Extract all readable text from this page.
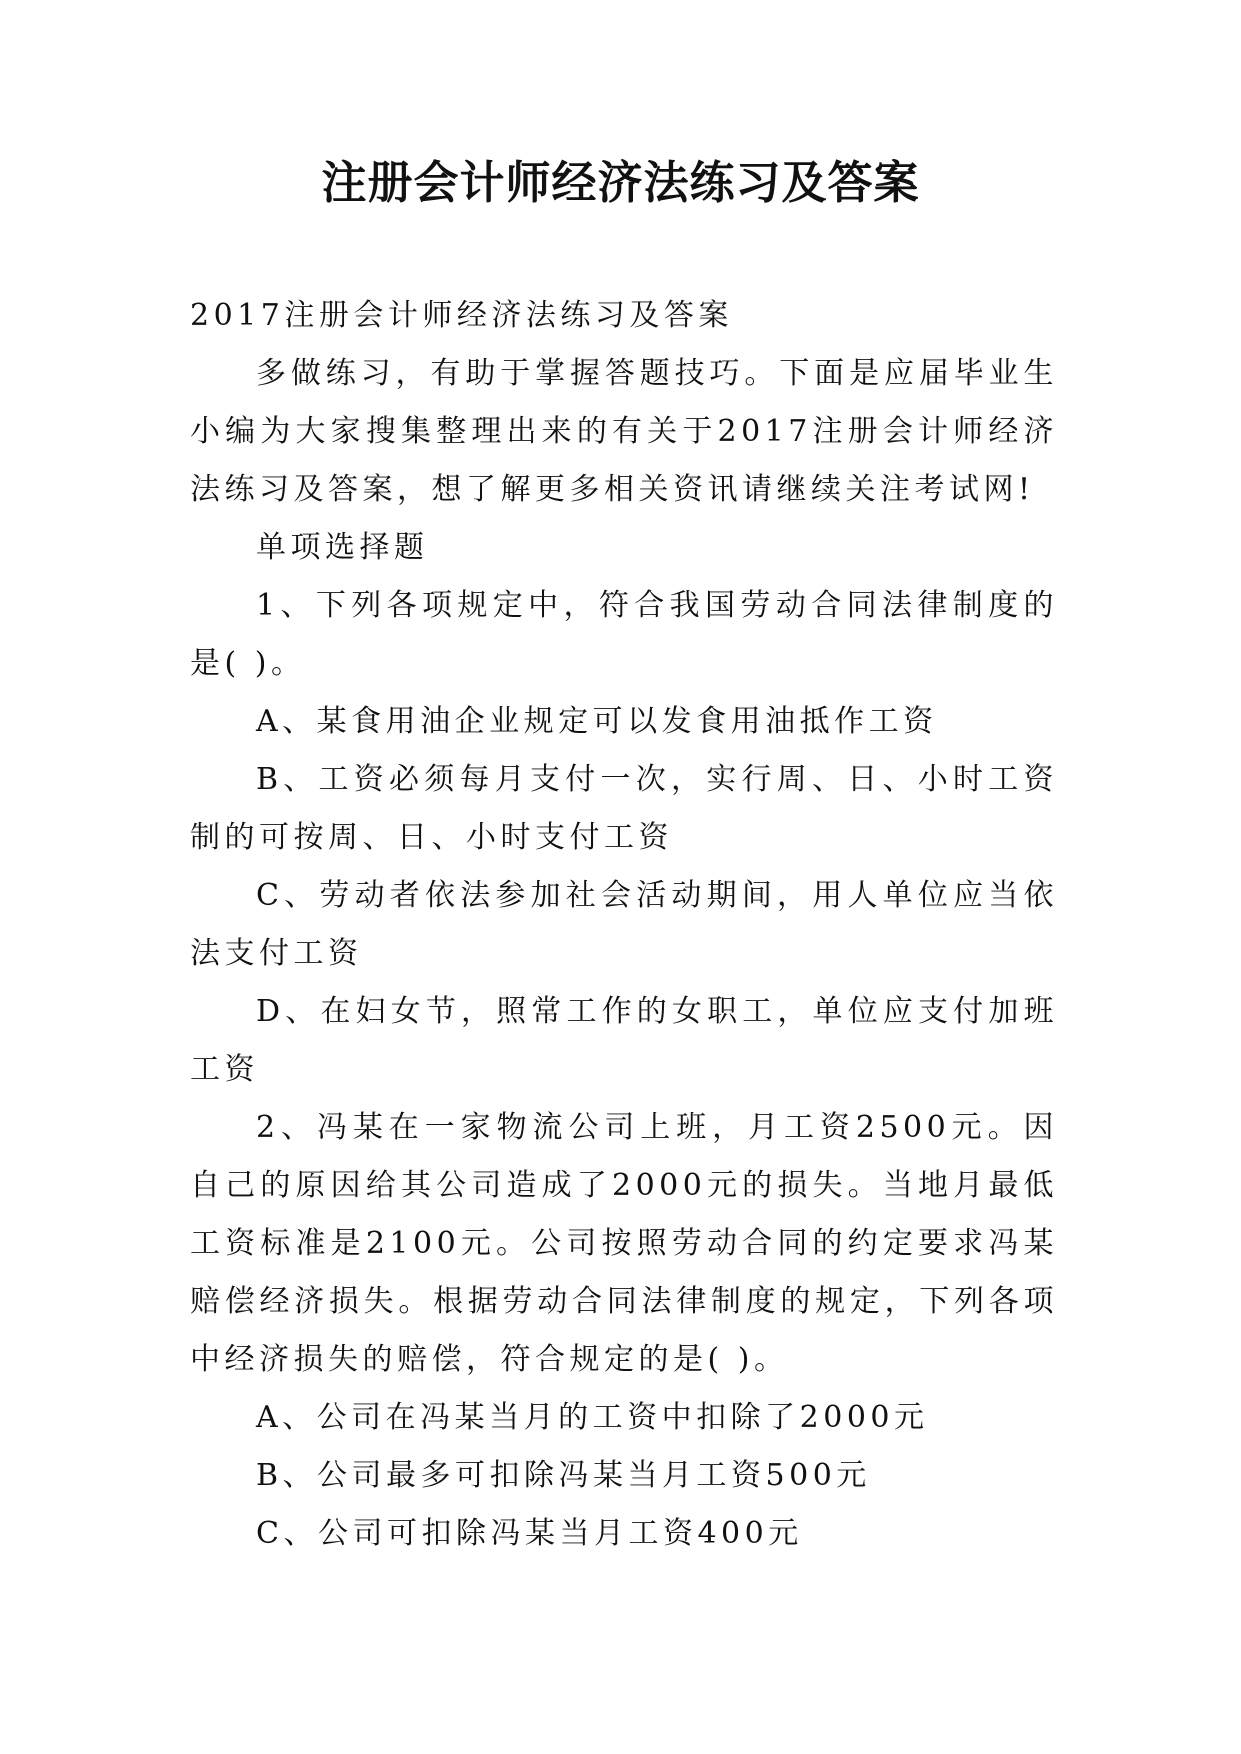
注册会计师经济法练习及答案

2017注册会计师经济法练习及答案

多做练习，有助于掌握答题技巧。下面是应届毕业生小编为大家搜集整理出来的有关于2017注册会计师经济法练习及答案，想了解更多相关资讯请继续关注考试网!

单项选择题

1、下列各项规定中，符合我国劳动合同法律制度的是( )。

A、某食用油企业规定可以发食用油抵作工资

B、工资必须每月支付一次，实行周、日、小时工资制的可按周、日、小时支付工资

C、劳动者依法参加社会活动期间，用人单位应当依法支付工资

D、在妇女节，照常工作的女职工，单位应支付加班工资

2、冯某在一家物流公司上班，月工资2500元。因自己的原因给其公司造成了2000元的损失。当地月最低工资标准是2100元。公司按照劳动合同的约定要求冯某赔偿经济损失。根据劳动合同法律制度的规定，下列各项中经济损失的赔偿，符合规定的是( )。

A、公司在冯某当月的工资中扣除了2000元

B、公司最多可扣除冯某当月工资500元

C、公司可扣除冯某当月工资400元
